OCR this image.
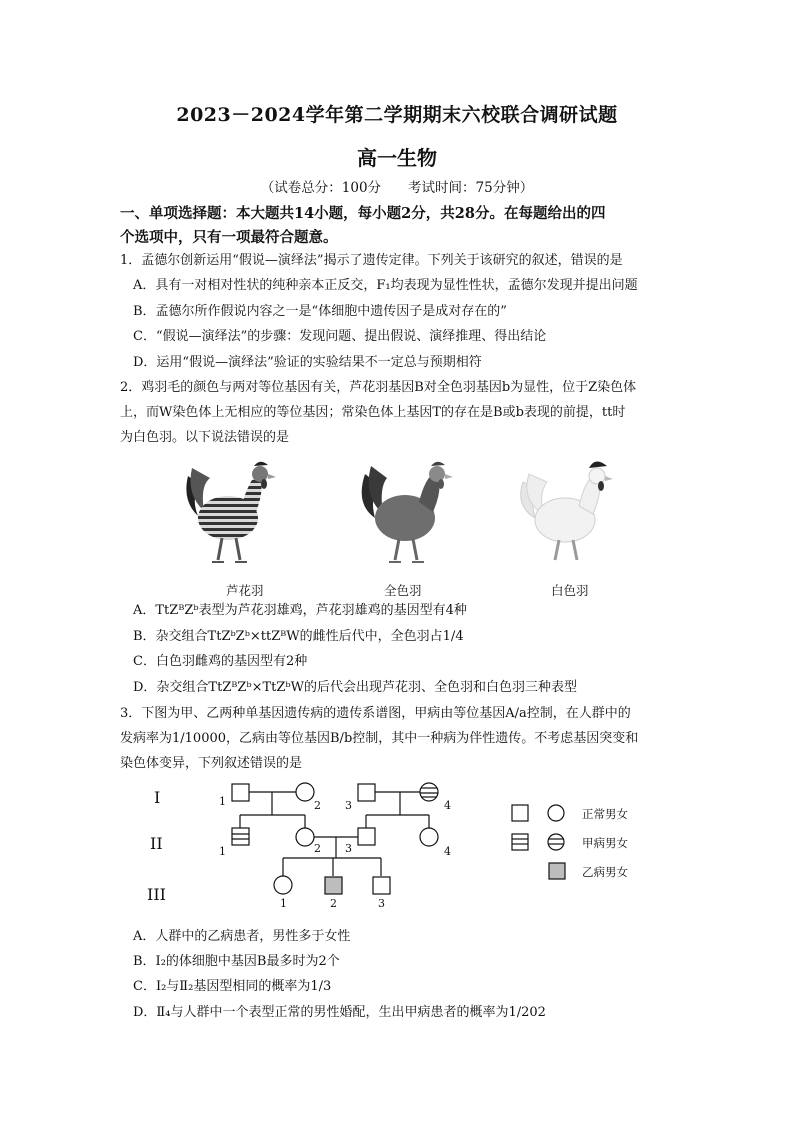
2023－2024学年第二学期期末六校联合调研试题
高一生物
（试卷总分：100分　　考试时间：75分钟）
一、单项选择题：本大题共14小题，每小题2分，共28分。在每题给出的四
个选项中，只有一项最符合题意。
1．孟德尔创新运用“假说—演绎法”揭示了遗传定律。下列关于该研究的叙述，错误的是
A．具有一对相对性状的纯种亲本正反交，F₁均表现为显性性状，孟德尔发现并提出问题
B．孟德尔所作假说内容之一是“体细胞中遗传因子是成对存在的”
C．“假说—演绎法”的步骤：发现问题、提出假说、演绎推理、得出结论
D．运用“假说—演绎法”验证的实验结果不一定总与预期相符
2．鸡羽毛的颜色与两对等位基因有关，芦花羽基因B对全色羽基因b为显性，位于Z染色体
上，而W染色体上无相应的等位基因；常染色体上基因T的存在是B或b表现的前提，tt时
为白色羽。以下说法错误的是
芦花羽	全色羽	白色羽
A．TtZᴮZᵇ表型为芦花羽雄鸡，芦花羽雄鸡的基因型有4种
B．杂交组合TtZᵇZᵇ×ttZᴮW的雌性后代中，全色羽占1/4
C．白色羽雌鸡的基因型有2种
D．杂交组合TtZᴮZᵇ×TtZᵇW的后代会出现芦花羽、全色羽和白色羽三种表型
3．下图为甲、乙两种单基因遗传病的遗传系谱图，甲病由等位基因A/a控制，在人群中的
发病率为1/10000，乙病由等位基因B/b控制，其中一种病为伴性遗传。不考虑基因突变和
染色体变异，下列叙述错误的是
1	2 3	4
1	2 3	4
1	2	3
I
II
III
正常男女
甲病男女
乙病男女
A．人群中的乙病患者，男性多于女性
B．Ⅰ₂的体细胞中基因B最多时为2个
C．Ⅰ₂与Ⅱ₂基因型相同的概率为1/3
D．Ⅱ₄与人群中一个表型正常的男性婚配，生出甲病患者的概率为1/202
